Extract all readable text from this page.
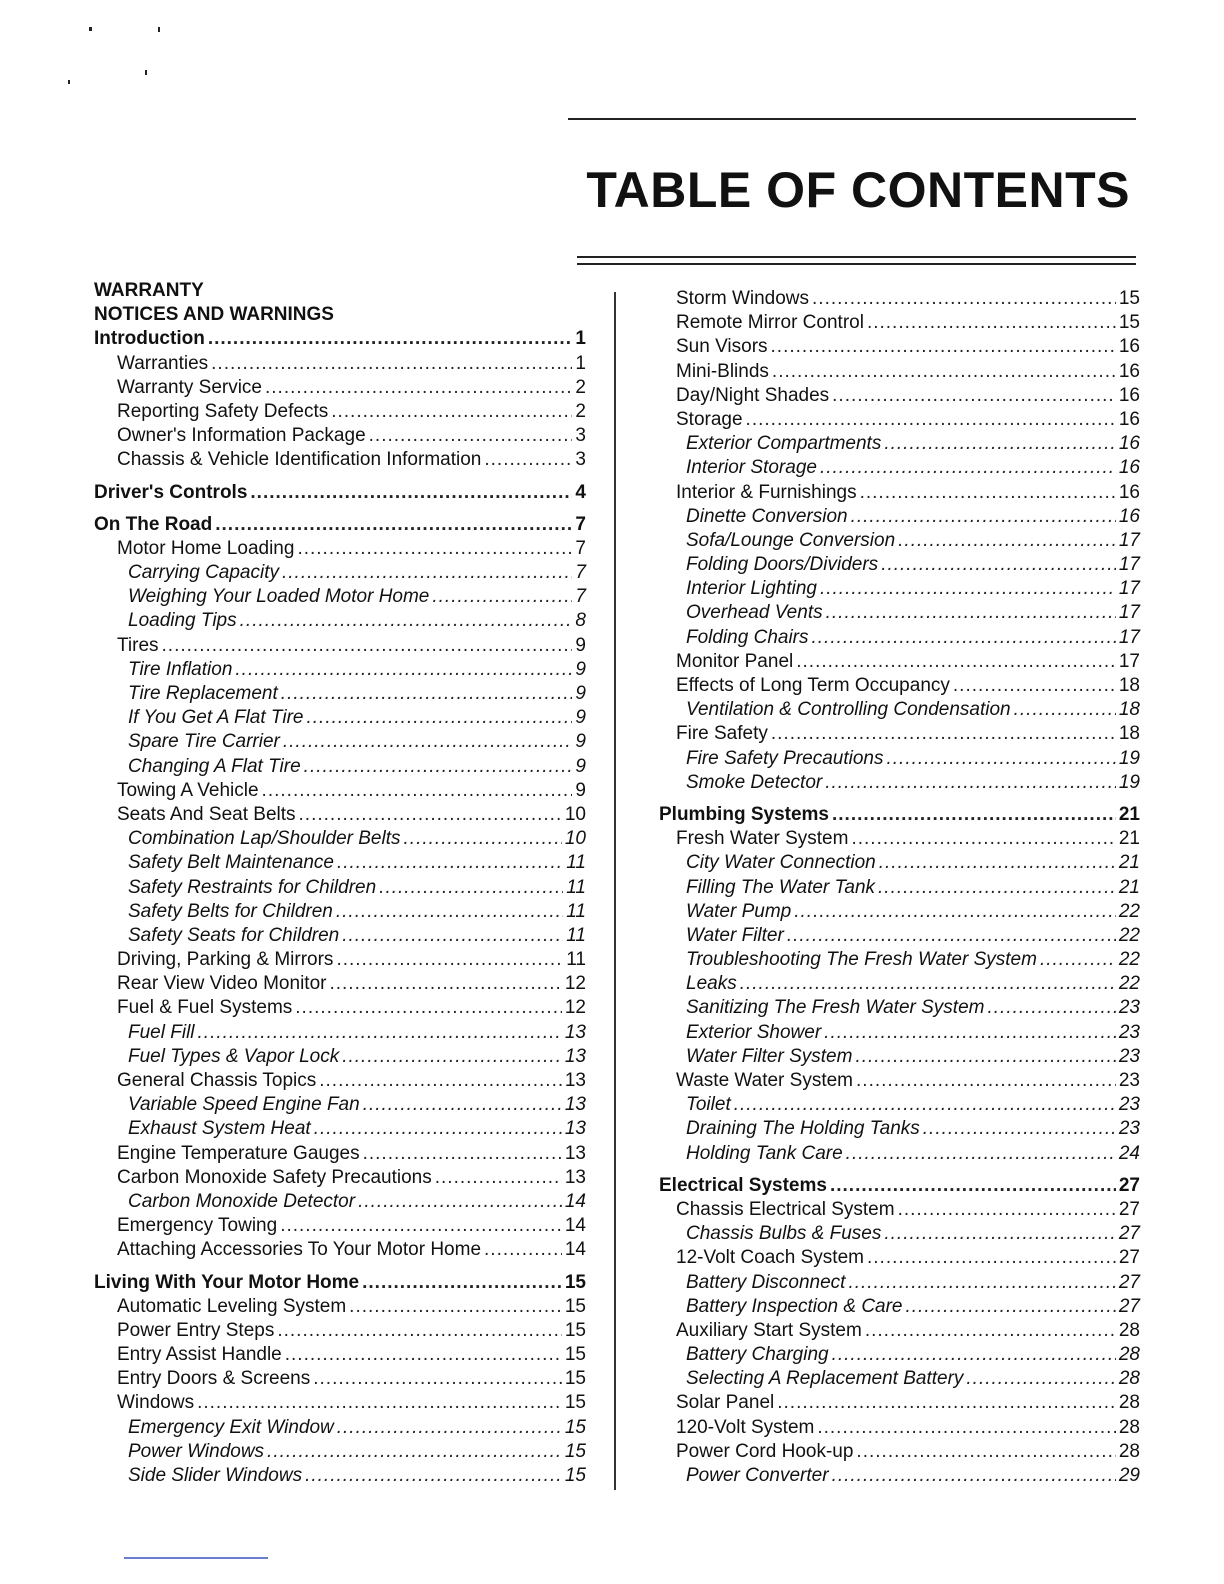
TABLE OF CONTENTS
WARRANTY
NOTICES AND WARNINGS
Introduction .....	1
Warranties .....	1
Warranty Service .....	2
Reporting Safety Defects .....	2
Owner's Information Package .....	3
Chassis & Vehicle Identification Information .....	3
Driver's Controls .....	4
On The Road .....	7
Motor Home Loading .....	7
Carrying Capacity .....	7
Weighing Your Loaded Motor Home .....	7
Loading Tips .....	8
Tires .....	9
Tire Inflation .....	9
Tire Replacement .....	9
If You Get A Flat Tire .....	9
Spare Tire Carrier .....	9
Changing A Flat Tire .....	9
Towing A Vehicle .....	9
Seats And Seat Belts .....	10
Combination Lap/Shoulder Belts .....	10
Safety Belt Maintenance .....	11
Safety Restraints for Children .....	11
Safety Belts for Children .....	11
Safety Seats for Children .....	11
Driving, Parking & Mirrors .....	11
Rear View Video Monitor .....	12
Fuel & Fuel Systems .....	12
Fuel Fill .....	13
Fuel Types & Vapor Lock .....	13
General Chassis Topics .....	13
Variable Speed Engine Fan .....	13
Exhaust System Heat .....	13
Engine Temperature Gauges .....	13
Carbon Monoxide Safety Precautions .....	13
Carbon Monoxide Detector .....	14
Emergency Towing .....	14
Attaching Accessories To Your Motor Home .....	14
Living With Your Motor Home .....	15
Automatic Leveling System .....	15
Power Entry Steps .....	15
Entry Assist Handle .....	15
Entry Doors & Screens .....	15
Windows .....	15
Emergency Exit Window .....	15
Power Windows .....	15
Side Slider Windows .....	15
Storm Windows .....	15
Remote Mirror Control .....	15
Sun Visors .....	16
Mini-Blinds .....	16
Day/Night Shades .....	16
Storage .....	16
Exterior Compartments .....	16
Interior Storage .....	16
Interior & Furnishings .....	16
Dinette Conversion .....	16
Sofa/Lounge Conversion .....	17
Folding Doors/Dividers .....	17
Interior Lighting .....	17
Overhead Vents .....	17
Folding Chairs .....	17
Monitor Panel .....	17
Effects of Long Term Occupancy .....	18
Ventilation & Controlling Condensation .....	18
Fire Safety .....	18
Fire Safety Precautions .....	19
Smoke Detector .....	19
Plumbing Systems .....	21
Fresh Water System .....	21
City Water Connection .....	21
Filling The Water Tank .....	21
Water Pump .....	22
Water Filter .....	22
Troubleshooting The Fresh Water System .....	22
Leaks .....	22
Sanitizing The Fresh Water System .....	23
Exterior Shower .....	23
Water Filter System .....	23
Waste Water System .....	23
Toilet .....	23
Draining The Holding Tanks .....	23
Holding Tank Care .....	24
Electrical Systems .....	27
Chassis Electrical System .....	27
Chassis Bulbs & Fuses .....	27
12-Volt Coach System .....	27
Battery Disconnect .....	27
Battery Inspection & Care .....	27
Auxiliary Start System .....	28
Battery Charging .....	28
Selecting A Replacement Battery .....	28
Solar Panel .....	28
120-Volt System .....	28
Power Cord Hook-up .....	28
Power Converter .....	29
